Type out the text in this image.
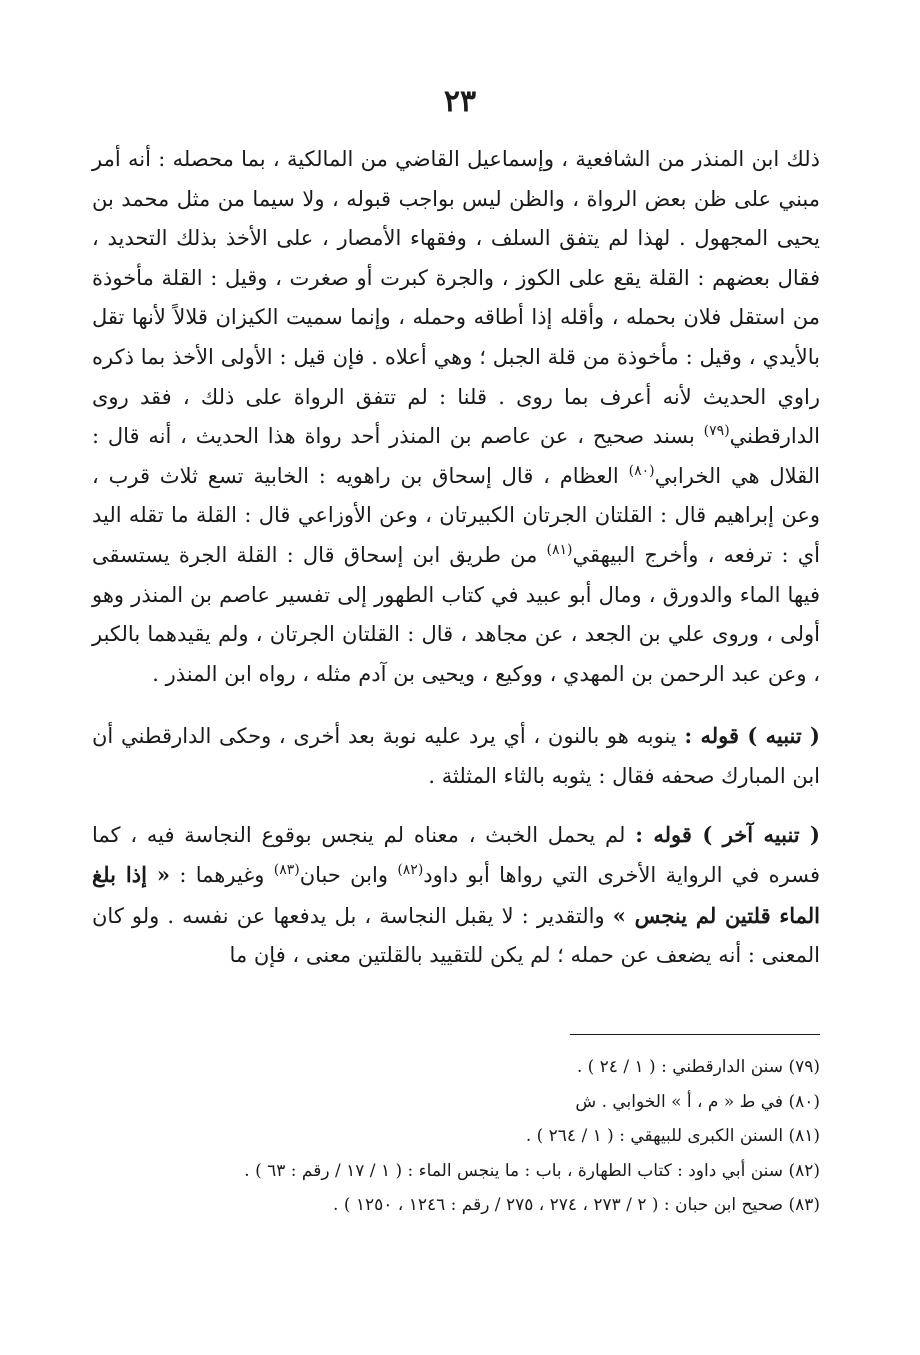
٢٣

ذلك ابن المنذر من الشافعية ، وإسماعيل القاضي من المالكية ، بما محصله : أنه أمر مبني على ظن بعض الرواة ، والظن ليس بواجب قبوله ، ولا سيما من مثل محمد بن يحيى المجهول . لهذا لم يتفق السلف ، وفقهاء الأمصار ، على الأخذ بذلك التحديد ، فقال بعضهم : القلة يقع على الكوز ، والجرة كبرت أو صغرت ، وقيل : القلة مأخوذة من استقل فلان بحمله ، وأقله إذا أطاقه وحمله ، وإنما سميت الكيزان قلالاً لأنها تقل بالأيدي ، وقيل : مأخوذة من قلة الجبل ؛ وهي أعلاه . فإن قيل : الأولى الأخذ بما ذكره راوي الحديث لأنه أعرف بما روى . قلنا : لم تتفق الرواة على ذلك ، فقد روى الدارقطني$^{(٧٩)}$ بسند صحيح ، عن عاصم بن المنذر أحد رواة هذا الحديث ، أنه قال : القلال هي الخرابي$^{(٨٠)}$ العظام ، قال إسحاق بن راهويه : الخابية تسع ثلاث قرب ، وعن إبراهيم قال : القلتان الجرتان الكبيرتان ، وعن الأوزاعي قال : القلة ما تقله اليد أي : ترفعه ، وأخرج البيهقي$^{(٨١)}$ من طريق ابن إسحاق قال : القلة الجرة يستسقى فيها الماء والدورق ، ومال أبو عبيد في كتاب الطهور إلى تفسير عاصم بن المنذر وهو أولى ، وروى علي بن الجعد ، عن مجاهد ، قال : القلتان الجرتان ، ولم يقيدهما بالكبر ، وعن عبد الرحمن بن المهدي ، ووكيع ، ويحيى بن آدم مثله ، رواه ابن المنذر .

( تنبيه ) قوله : ينوبه هو بالنون ، أي يرد عليه نوبة بعد أخرى ، وحكى الدارقطني أن ابن المبارك صحفه فقال : يثوبه بالثاء المثلثة .

( تنبيه آخر ) قوله : لم يحمل الخبث ، معناه لم ينجس بوقوع النجاسة فيه ، كما فسره في الرواية الأخرى التي رواها أبو داود$^{(٨٢)}$ وابن حبان$^{(٨٣)}$ وغيرهما : « إذا بلغ الماء قلتين لم ينجس » والتقدير : لا يقبل النجاسة ، بل يدفعها عن نفسه . ولو كان المعنى : أنه يضعف عن حمله ؛ لم يكن للتقييد بالقلتين معنى ، فإن ما

(٧٩) سنن الدارقطني : ( ١ / ٢٤ ) .

(٨٠) في ط « م ، أ » الخوابي . ش

(٨١) السنن الكبرى للبيهقي : ( ١ / ٢٦٤ ) .

(٨٢) سنن أبي داود : كتاب الطهارة ، باب : ما ينجس الماء : ( ١ / ١٧ / رقم : ٦٣ ) .

(٨٣) صحيح ابن حبان : ( ٢ / ٢٧٣ ، ٢٧٤ ، ٢٧٥ / رقم : ١٢٤٦ ، ١٢٥٠ ) .
